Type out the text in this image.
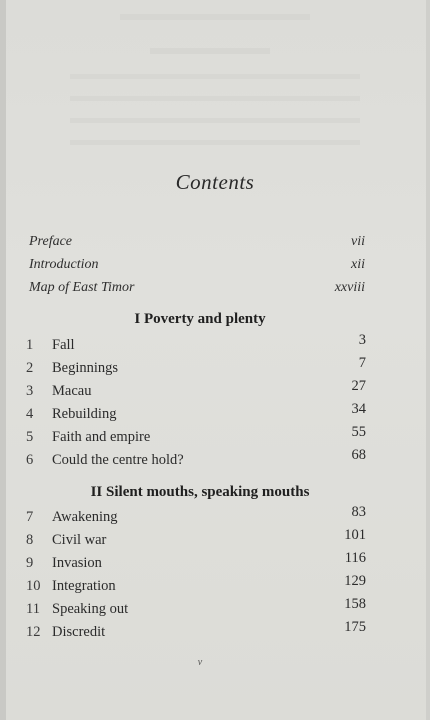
Contents
Preface	vii
Introduction	xii
Map of East Timor	xxviii
I Poverty and plenty
1	Fall	3
2	Beginnings	7
3	Macau	27
4	Rebuilding	34
5	Faith and empire	55
6	Could the centre hold?	68
II Silent mouths, speaking mouths
7	Awakening	83
8	Civil war	101
9	Invasion	116
10 Integration	129
11 Speaking out	158
12 Discredit	175
v
